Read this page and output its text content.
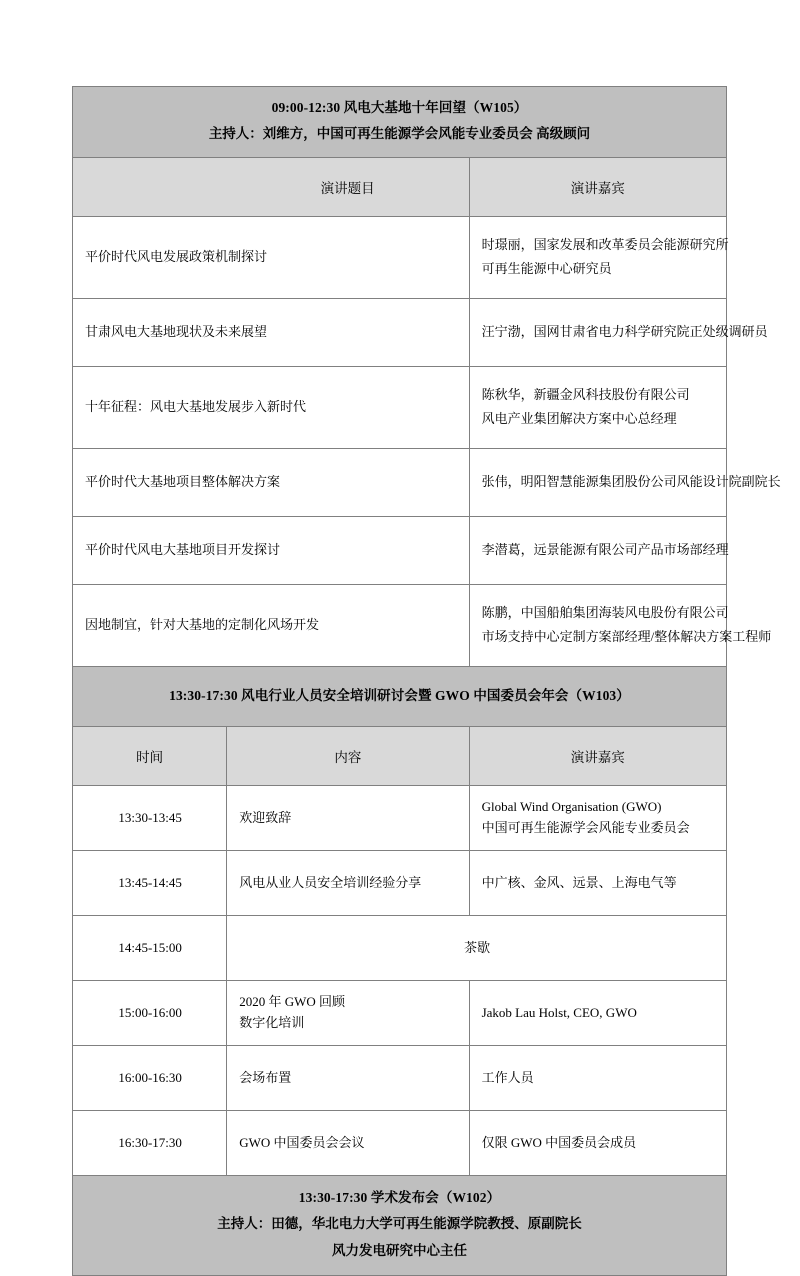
09:00-12:30 风电大基地十年回望（W105）
主持人：刘维方，中国可再生能源学会风能专业委员会 高级顾问		

	演讲题目	演讲嘉宾

平价时代风电发展政策机制探讨		时璟丽，国家发展和改革委员会能源研究所
可再生能源中心研究员

甘肃风电大基地现状及未来展望		汪宁渤，国网甘肃省电力科学研究院正处级调研员

十年征程：风电大基地发展步入新时代		陈秋华，新疆金风科技股份有限公司
风电产业集团解决方案中心总经理

平价时代大基地项目整体解决方案		张伟，明阳智慧能源集团股份公司风能设计院副院长

平价时代风电大基地项目开发探讨		李潜葛，远景能源有限公司产品市场部经理

因地制宜，针对大基地的定制化风场开发		陈鹏，中国船舶集团海装风电股份有限公司
市场支持中心定制方案部经理/整体解决方案工程师

13:30-17:30 风电行业人员安全培训研讨会暨 GWO 中国委员会年会（W103）		

时间	内容	演讲嘉宾

13:30-13:45	欢迎致辞	Global Wind Organisation (GWO)
中国可再生能源学会风能专业委员会

13:45-14:45	风电从业人员安全培训经验分享	中广核、金风、远景、上海电气等

14:45-15:00	茶歇	

15:00-16:00	2020 年 GWO 回顾
数字化培训	Jakob Lau Holst, CEO, GWO

16:00-16:30	会场布置	工作人员

16:30-17:30	GWO 中国委员会会议	仅限 GWO 中国委员会成员

13:30-17:30 学术发布会（W102）
主持人：田德，华北电力大学可再生能源学院教授、原副院长
风力发电研究中心主任		
